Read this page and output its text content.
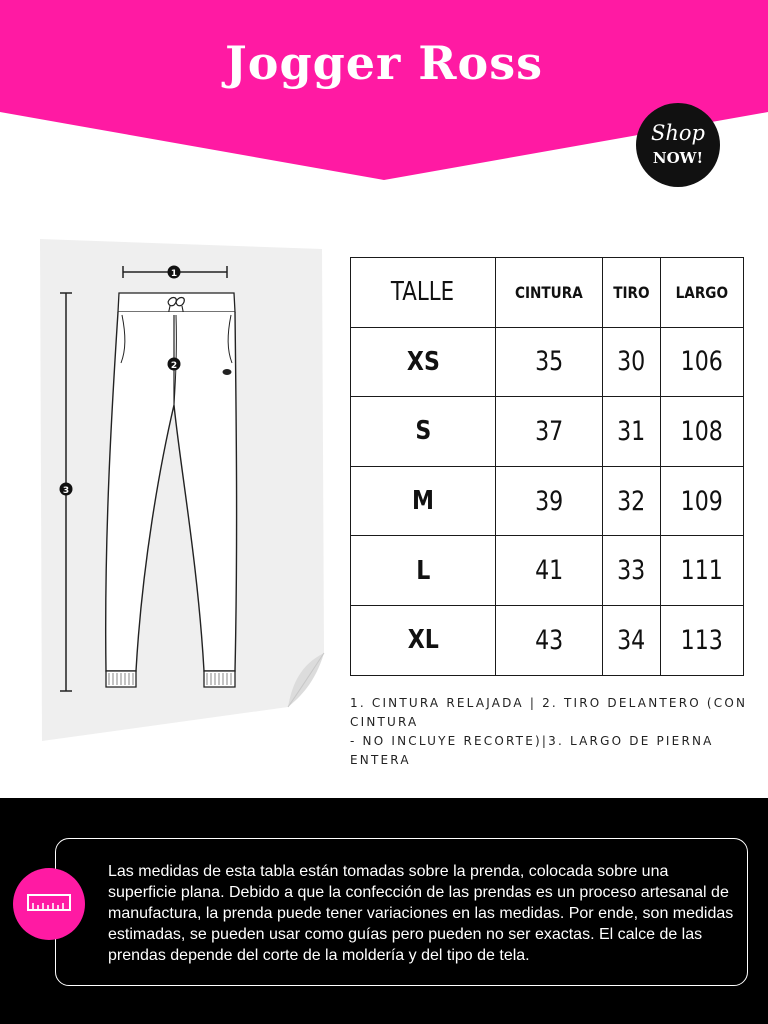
Jogger Ross
Shop
NOW!
1
3
2
TALLE	CINTURA	TIRO	LARGO
XS	35	30	106
S	37	31	108
M	39	32	109
L	41	33	111
XL	43	34	113
1. CINTURA RELAJADA | 2. TIRO DELANTERO (CON CINTURA
- NO INCLUYE RECORTE)|3. LARGO DE PIERNA ENTERA
Las medidas de esta tabla están tomadas sobre la prenda, colocada sobre una superficie plana. Debido a que la confección de las prendas es un proceso artesanal de manufactura, la prenda puede tener variaciones en las medidas. Por ende, son medidas estimadas, se pueden usar como guías pero pueden no ser exactas. El calce de las prendas depende del corte de la moldería y del tipo de tela.
